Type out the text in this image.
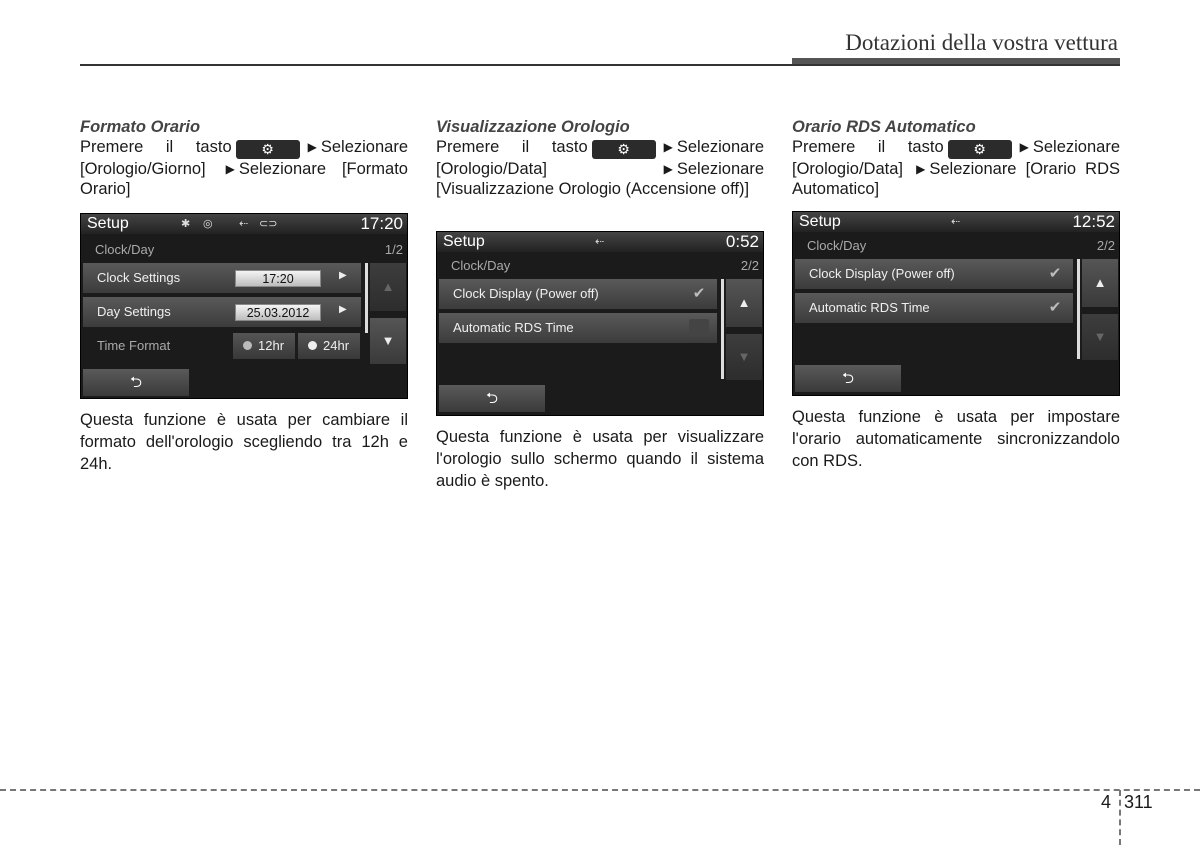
Dotazioni della vostra vettura
Formato Orario
Premere il tasto ⚙	▶ Selezionare [Orologio/Giorno] ▶ Selezionare [Formato Orario]
Setup	✱ ◎ ⇠ ⊂⊃	17:20
Clock/Day	1/2
Clock Settings	17:20	▶
Day Settings	25.03.2012	▶
Time Format	12hr	24hr
▲
▼
⮌
Questa funzione è usata per cambiare il formato dell'orologio scegliendo tra 12h e 24h.
Visualizzazione Orologio
Premere il tasto ⚙	▶ Selezionare [Orologio/Data]	▶ Selezionare [Visualizzazione Orologio (Accensione off)]
Setup	⇠	0:52
Clock/Day	2/2
Clock Display (Power off)	✔
Automatic RDS Time
▲
▼
⮌
Questa funzione è usata per visualizzare l'orologio sullo schermo quando il sistema audio è spento.
Orario RDS Automatico
Premere il tasto ⚙	▶ Selezionare [Orologio/Data] ▶ Selezionare [Orario RDS Automatico]
Setup	⇠	12:52
Clock/Day	2/2
Clock Display (Power off)	✔
Automatic RDS Time	✔
▲
▼
⮌
Questa funzione è usata per impostare l'orario automaticamente sincronizzandolo con RDS.
4 311
